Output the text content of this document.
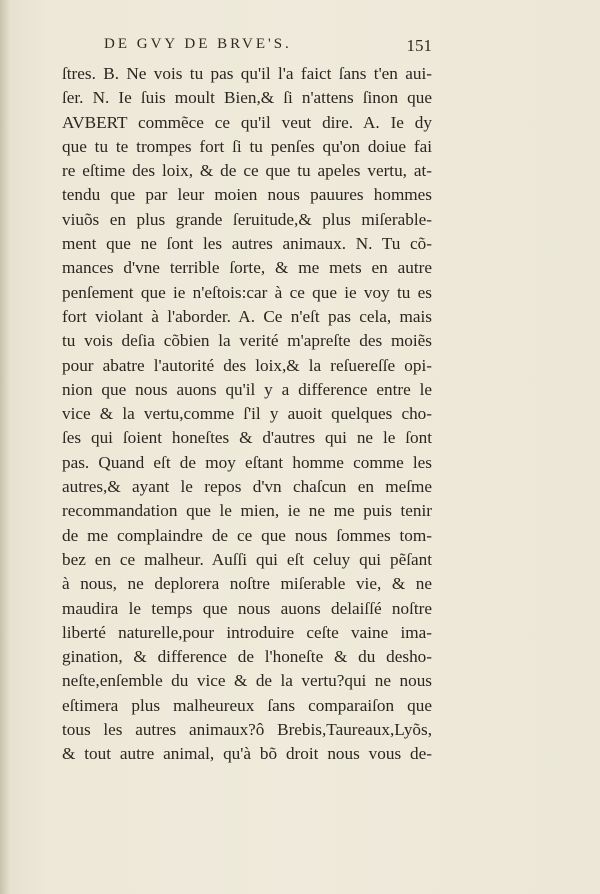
DE GVY DE BRVE'S.	151
ſtres. B. Ne vois tu pas qu'il l'a faict ſans t'en aui-
ſer. N. Ie ſuis moult Bien,& ſi n'attens ſinon que
AVBERT commẽce ce qu'il veut dire. A. Ie dy
que tu te trompes fort ſi tu penſes qu'on doiue fai
re eſtime des loix, & de ce que tu apeles vertu, at-
tendu que par leur moien nous pauures hommes
viuõs en plus grande ſeruitude,& plus miſerable-
ment que ne ſont les autres animaux. N. Tu cõ-
mances d'vne terrible ſorte, & me mets en autre
penſement que ie n'eſtois:car à ce que ie voy tu es
fort violant à l'aborder. A. Ce n'eſt pas cela, mais
tu vois deſia cõbien la verité m'apreſte des moiẽs
pour abatre l'autorité des loix,& la reſuereſſe opi-
nion que nous auons qu'il y a difference entre le
vice & la vertu,comme ſ'il y auoit quelques cho-
ſes qui ſoient honeſtes & d'autres qui ne le ſont
pas. Quand eſt de moy eſtant homme comme les
autres,& ayant le repos d'vn chaſcun en meſme
recommandation que le mien, ie ne me puis tenir
de me complaindre de ce que nous ſommes tom-
bez en ce malheur. Auſſi qui eſt celuy qui pẽſant
à nous, ne deplorera noſtre miſerable vie, & ne
maudira le temps que nous auons delaiſſé noſtre
liberté naturelle,pour introduire ceſte vaine ima-
gination, & difference de l'honeſte & du desho-
neſte,enſemble du vice & de la vertu?qui ne nous
eſtimera plus malheureux ſans comparaiſon que
tous les autres animaux?ô Brebis,Taureaux,Lyõs,
& tout autre animal, qu'à bõ droit nous vous de-
